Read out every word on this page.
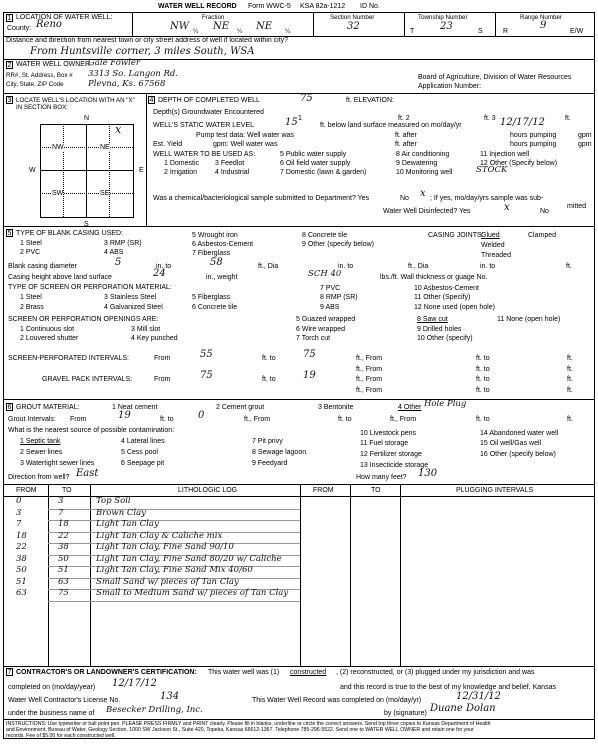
WATER WELL RECORD Form WWC-5 KSA 82a-1212 ID No.
1 LOCATION OF WATER WELL:
County: Reno
Fraction
NW ¼ NE ¼ NE ¼
Section Number
32
Township Number
T	23	S
Range Number
R
9
E/W
Distance and direction from nearest town or city street address of well if located within city?
From Huntsville corner, 3 miles South, WSA
2 WATER WELL OWNER:
Gale Fowler
RR#, St. Address, Box # 3313 So. Langon Rd.
City, State, ZIP Code	Plevna, Ks. 67568
Board of Agriculture, Division of Water Resources
Application Number:
3 LOCATE WELL'S LOCATION WITH AN "X" IN SECTION BOX:
N
S
W	E
NW	NE
SW	SE
x
4 DEPTH OF COMPLETED WELL	75	ft. ELEVATION:
Depth(s) Groundwater Encountered
1	ft. 2	ft. 3	ft.
WELL'S STATIC WATER LEVEL	15	ft. below land surface measured on mo/day/yr	12/17/12
Pump test data: Well water was	ft. after	hours pumping	gpm
Est. Yield	gpm: Well water was	ft. after	hours pumping	gpm
WELL WATER TO BE USED AS:
1 Domestic 3 Feedlot
5 Public water supply	8 Air conditioning	11 Injection well
2 Irrigation	4 Industrial
6 Oil field water supply	9 Dewatering	12 Other (Specify below)
7 Domestic (lawn & garden)	10 Monitoring well	STOCK
Was a chemical/bacteriological sample submitted to Department? Yes	No x ; If yes, mo/day/yrs sample was sub-
mitted
Water Well Disinfected? Yes	x	No
5 TYPE OF BLANK CASING USED:
1 Steel	3 RMP (SR)
5 Wrought iron	8 Concrete tile
2 PVC	4 ABS
6 Asbestos-Cement	9 Other (specify below)
7 Fiberglass
CASING JOINTS:
Glued	Clamped
Welded
Threaded
Blank casing diameter	5	in. to	58	ft., Dia	in. to	ft., Dia	in. to	ft.
Casing height above land surface	24	in., weight	SCH 40	lbs./ft. Wall thickness or guage No.
TYPE OF SCREEN OR PERFORATION MATERIAL:
1 Steel	3 Stainless Steel	5 Fiberglass
7 PVC	10 Asbestos-Cement
2 Brass	4 Galvanized Steel	6 Concrete tile
8 RMP (SR)	11 Other (Specify)
9 ABS	12 None used (open hole)
SCREEN OR PERFORATION OPENINGS ARE:	5 Guazed wrapped	8 Saw cut	11 None (open hole)
1 Continuous slot	3 Mill slot	6 Wire wrapped	9 Drilled holes
2 Louvered shutter	4 Key punched	7 Torch cut	10 Other (specify)
SCREEN-PERFORATED INTERVALS:	From	55	ft. to	75	ft., From	ft. to	ft.
ft., From	ft. to	ft.
GRAVEL PACK INTERVALS:	From	75	ft. to	19	ft., From	ft. to	ft.
ft., From	ft. to	ft.
6 GROUT MATERIAL:	1 Neat cement	2 Cement grout	3 Bentonite	4 Other Hole Plug
Grout Intervals: From	19	ft. to 0	ft., From	ft. to	ft., From	ft. to	ft.
What is the nearest source of possible contamination:
1 Septic tank	4 Lateral lines	7 Pit privy
10 Livestock pens	14 Abandoned water well
2 Sewer lines	5 Cess pool	8 Sewage lagoon
11 Fuel storage	15 Oil well/Gas well
3 Watertight sewer lines	6 Seepage pit	9 Feedyard
12 Fertilizer storage	16 Other (specify below)
13 Insecticide storage
Direction from well? East	How many feet? 130
FROM	TO	LITHOLOGIC LOG	FROM	TO	PLUGGING INTERVALS
0	3	Top Soil
3	7	Brown Clay
7	18	Light Tan Clay
18	22	Light Tan Clay & Caliche mix
22	38	Light Tan Clay, Fine Sand 90/10
38	50	Light Tan Clay, Fine Sand 80/20 w/ Caliche
50	51	Light Tan Clay, Fine Sand Mix 40/60
51	63	Small Sand w/ pieces of Tan Clay
63	75	Small to Medium Sand w/ pieces of Tan Clay
7 CONTRACTOR'S OR LANDOWNER'S CERTIFICATION: This water well was (1) constructed , (2) reconstructed, or (3) plugged under my jurisdiction and was
completed on (mo/day/year) 12/17/12	and this record is true to the best of my knowledge and belief. Kansas
Water Well Contractor's License No.	134	This Water Well Record was completed on (mo/day/yr)	12/31/12
under the business name of Besecker Drilling, Inc.	by (signature) Duane Dolan
INSTRUCTIONS: Use typewriter or ball point pen. PLEASE PRESS FIRMLY and PRINT clearly. Please fill in blanks, underline or circle the correct answers. Send top three copies to Kansas Department of Health
and Environment, Bureau of Water, Geology Section, 1000 SW Jackson St., Suite 420, Topeka, Kansas 66612-1367. Telephone 785-296-5522. Send one to WATER WELL OWNER and retain one for your
records. Fee of $5.00 for each constructed well.
